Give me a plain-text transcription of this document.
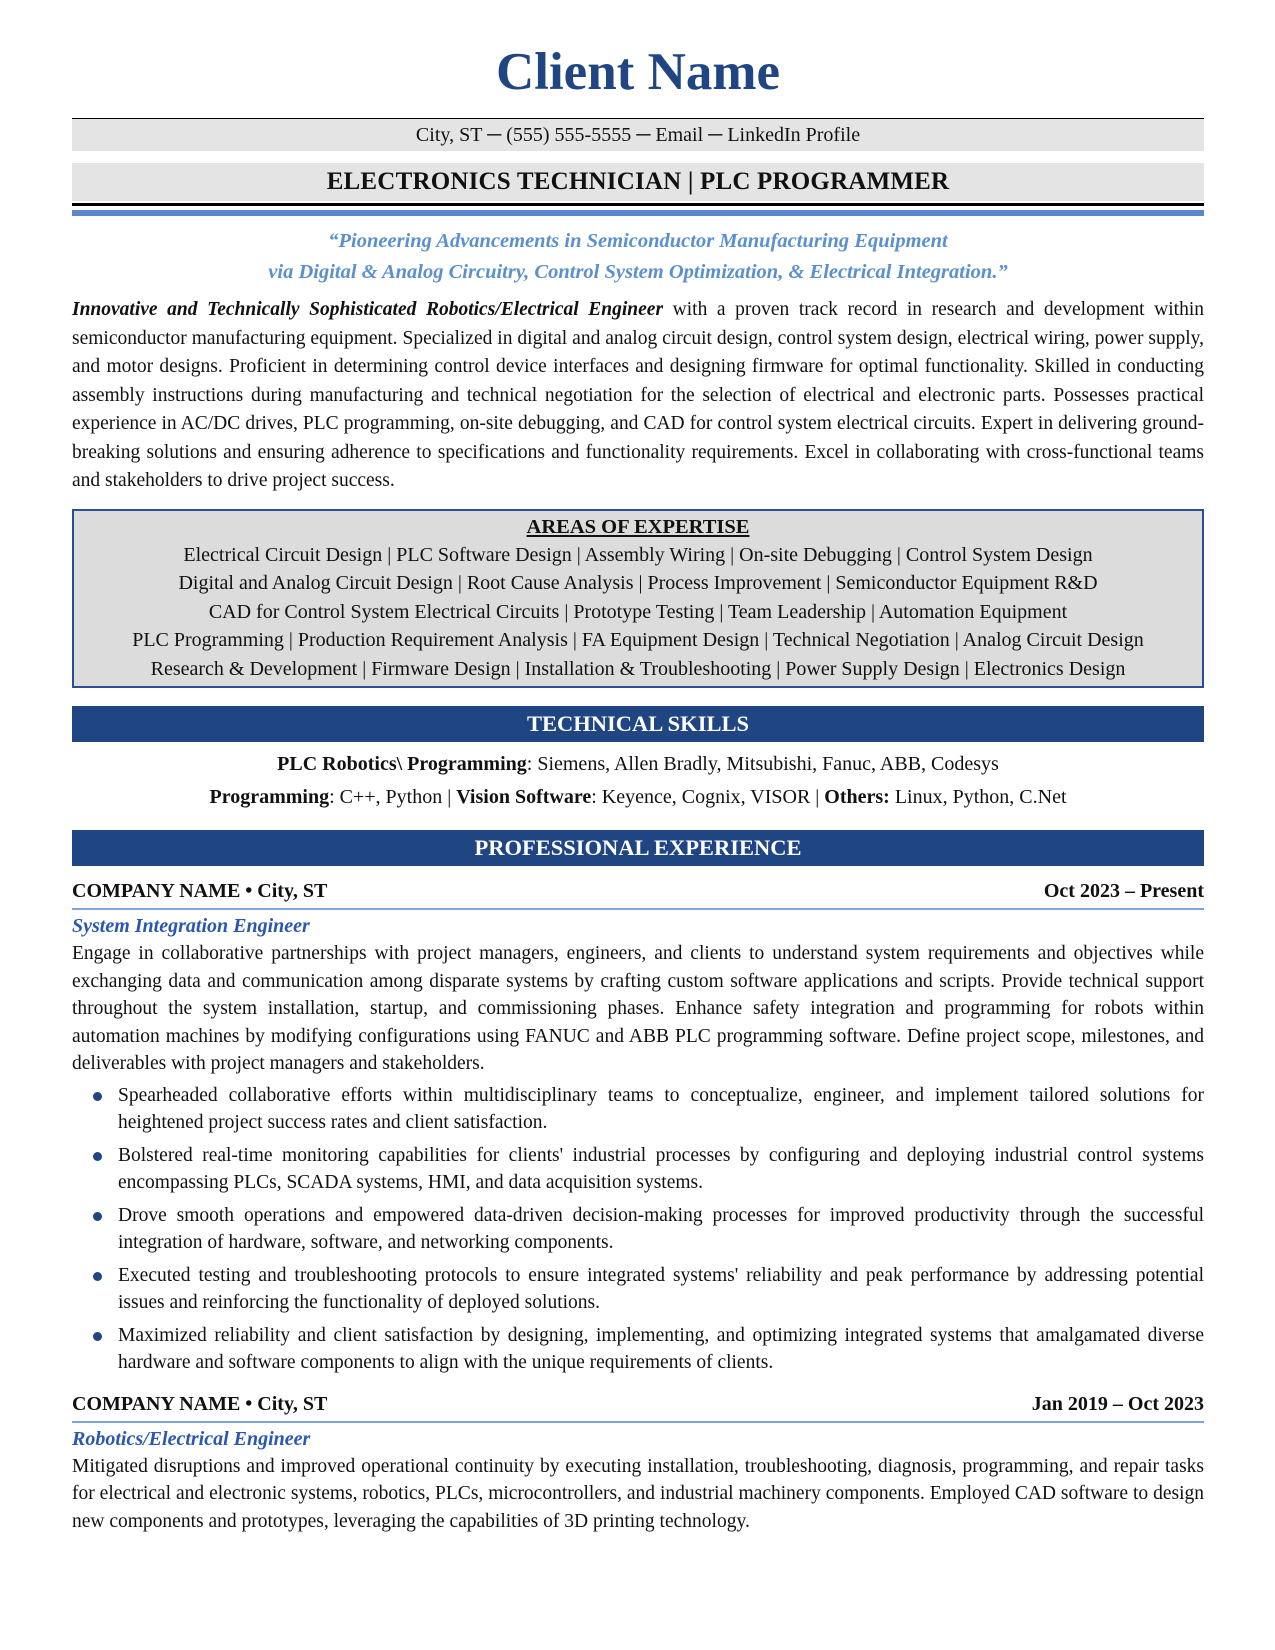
Client Name
City, ST ─ (555) 555-5555 ─ Email ─ LinkedIn Profile
ELECTRONICS TECHNICIAN | PLC PROGRAMMER
“Pioneering Advancements in Semiconductor Manufacturing Equipment
via Digital & Analog Circuitry, Control System Optimization, & Electrical Integration.”
Innovative and Technically Sophisticated Robotics/Electrical Engineer with a proven track record in research and development within semiconductor manufacturing equipment. Specialized in digital and analog circuit design, control system design, electrical wiring, power supply, and motor designs. Proficient in determining control device interfaces and designing firmware for optimal functionality. Skilled in conducting assembly instructions during manufacturing and technical negotiation for the selection of electrical and electronic parts. Possesses practical experience in AC/DC drives, PLC programming, on-site debugging, and CAD for control system electrical circuits. Expert in delivering ground-breaking solutions and ensuring adherence to specifications and functionality requirements. Excel in collaborating with cross-functional teams and stakeholders to drive project success.
AREAS OF EXPERTISE
Electrical Circuit Design | PLC Software Design | Assembly Wiring | On-site Debugging | Control System Design
Digital and Analog Circuit Design | Root Cause Analysis | Process Improvement | Semiconductor Equipment R&D
CAD for Control System Electrical Circuits | Prototype Testing | Team Leadership | Automation Equipment
PLC Programming | Production Requirement Analysis | FA Equipment Design | Technical Negotiation | Analog Circuit Design
Research & Development | Firmware Design | Installation & Troubleshooting | Power Supply Design | Electronics Design
TECHNICAL SKILLS
PLC Robotics\ Programming: Siemens, Allen Bradly, Mitsubishi, Fanuc, ABB, Codesys
Programming: C++, Python | Vision Software: Keyence, Cognix, VISOR | Others: Linux, Python, C.Net
PROFESSIONAL EXPERIENCE
COMPANY NAME • City, ST	Oct 2023 – Present
System Integration Engineer
Engage in collaborative partnerships with project managers, engineers, and clients to understand system requirements and objectives while exchanging data and communication among disparate systems by crafting custom software applications and scripts. Provide technical support throughout the system installation, startup, and commissioning phases. Enhance safety integration and programming for robots within automation machines by modifying configurations using FANUC and ABB PLC programming software. Define project scope, milestones, and deliverables with project managers and stakeholders.
Spearheaded collaborative efforts within multidisciplinary teams to conceptualize, engineer, and implement tailored solutions for heightened project success rates and client satisfaction.
Bolstered real-time monitoring capabilities for clients' industrial processes by configuring and deploying industrial control systems encompassing PLCs, SCADA systems, HMI, and data acquisition systems.
Drove smooth operations and empowered data-driven decision-making processes for improved productivity through the successful integration of hardware, software, and networking components.
Executed testing and troubleshooting protocols to ensure integrated systems' reliability and peak performance by addressing potential issues and reinforcing the functionality of deployed solutions.
Maximized reliability and client satisfaction by designing, implementing, and optimizing integrated systems that amalgamated diverse hardware and software components to align with the unique requirements of clients.
COMPANY NAME • City, ST	Jan 2019 – Oct 2023
Robotics/Electrical Engineer
Mitigated disruptions and improved operational continuity by executing installation, troubleshooting, diagnosis, programming, and repair tasks for electrical and electronic systems, robotics, PLCs, microcontrollers, and industrial machinery components. Employed CAD software to design new components and prototypes, leveraging the capabilities of 3D printing technology.
